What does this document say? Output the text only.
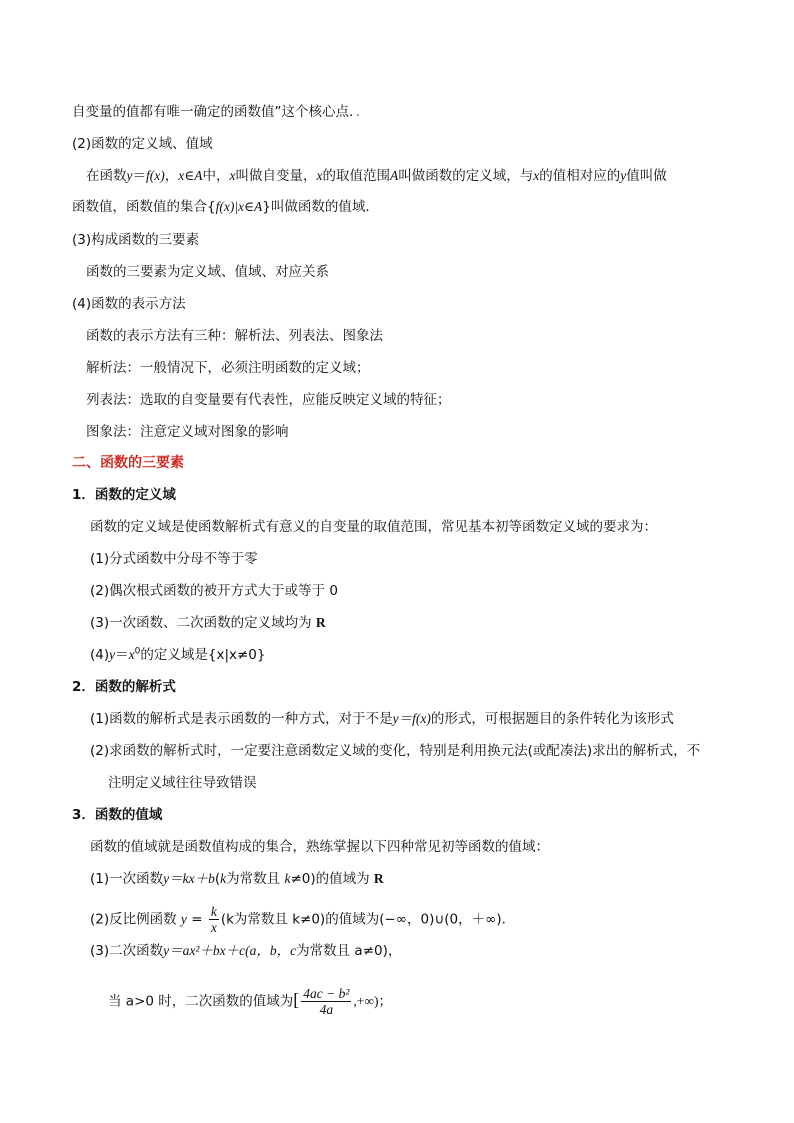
自变量的值都有唯一确定的函数值”这个核心点．．
(2)函数的定义域、值域
在函数y＝f(x)，x∈A中，x叫做自变量，x的取值范围A叫做函数的定义域，与x的值相对应的y值叫做
函数值，函数值的集合{f(x)|x∈A}叫做函数的值域．
(3)构成函数的三要素
函数的三要素为定义域、值域、对应关系
(4)函数的表示方法
函数的表示方法有三种：解析法、列表法、图象法
解析法：一般情况下，必须注明函数的定义域；
列表法：选取的自变量要有代表性，应能反映定义域的特征；
图象法：注意定义域对图象的影响
二、函数的三要素
1．函数的定义域
函数的定义域是使函数解析式有意义的自变量的取值范围，常见基本初等函数定义域的要求为：
(1)分式函数中分母不等于零
(2)偶次根式函数的被开方式大于或等于 0
(3)一次函数、二次函数的定义域均为 R
$(4)y=x^0$的定义域是{x|x≠0}
2．函数的解析式
(1)函数的解析式是表示函数的一种方式，对于不是y＝f(x)的形式，可根据题目的条件转化为该形式
(2)求函数的解析式时，一定要注意函数定义域的变化，特别是利用换元法(或配凑法)求出的解析式，不
注明定义域往往导致错误
3．函数的值域
函数的值域就是函数值构成的集合，熟练掌握以下四种常见初等函数的值域：
(1)一次函数y＝kx＋b(k为常数且 k≠0)的值域为 R
(2)反比例函数 $y = \frac{k}{x} (k$为常数且 k≠0)的值域为(−∞，0)∪(0，＋∞)．
(3)二次函数y＝ax²＋bx＋c(a，b，c为常数且 a≠0)，
当 a>0 时，二次函数的值域为[ $\frac{\text{4ac − b²}}{4a}$ ,+∞)；
